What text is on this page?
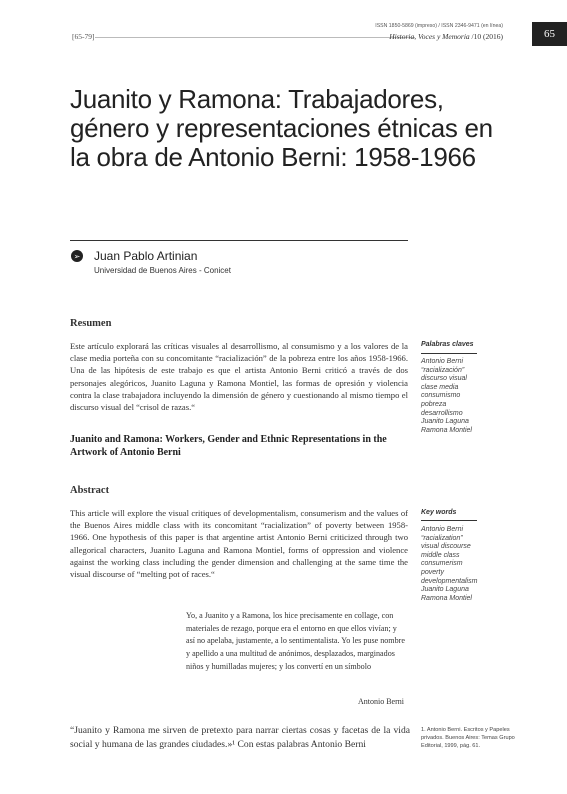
[65-79]
ISSN 1850-5869 (impreso) / ISSN 2346-9471 (en línea)
Historia, Voces y Memoria /10 (2016)	65
Juanito y Ramona: Trabajadores, género y representaciones étnicas en la obra de Antonio Berni: 1958-1966
➢ Juan Pablo Artinian
Universidad de Buenos Aires - Conicet
Resumen
Este artículo explorará las críticas visuales al desarrollismo, al consumismo y a los valores de la clase media porteña con su concomitante “racialización” de la pobreza entre los años 1958-1966. Una de las hipótesis de este trabajo es que el artista Antonio Berni criticó a través de dos personajes alegóricos, Juanito Laguna y Ramona Montiel, las formas de opresión y violencia contra la clase trabajadora incluyendo la dimensión de género y cuestionando al mismo tiempo el discurso visual del “crisol de razas.“
Palabras claves
Antonio Berni
“racialización”
discurso visual
clase media
consumismo
pobreza
desarrollismo
Juanito Laguna
Ramona Montiel
Juanito and Ramona: Workers, Gender and Ethnic Representations in the Artwork of Antonio Berni
Abstract
This article will explore the visual critiques of developmentalism, consumerism and the values of the Buenos Aires middle class with its concomitant “racialization” of poverty between 1958-1966. One hypothesis of this paper is that argentine artist Antonio Berni criticized through two allegorical characters, Juanito Laguna and Ramona Montiel, forms of oppression and violence against the working class including the gender dimension and challenging at the same time the visual discourse of “melting pot of races.“
Key words
Antonio Berni
“racialization”
visual discourse
middle class
consumerism
poverty
developmentalism
Juanito Laguna
Ramona Montiel
Yo, a Juanito y a Ramona, los hice precisamente en collage, con materiales de rezago, porque era el entorno en que ellos vivían; y así no apelaba, justamente, a lo sentimentalista. Yo les puse nombre y apellido a una multitud de anónimos, desplazados, marginados niños y humilladas mujeres; y los convertí en un símbolo
Antonio Berni
“Juanito y Ramona me sirven de pretexto para narrar ciertas cosas y facetas de la vida social y humana de las grandes ciudades.»¹ Con estas palabras Antonio Berni
1. Antonio Berni. Escritos y Papeles privados. Buenos Aires: Temas Grupo Editorial, 1999, pág. 61.
